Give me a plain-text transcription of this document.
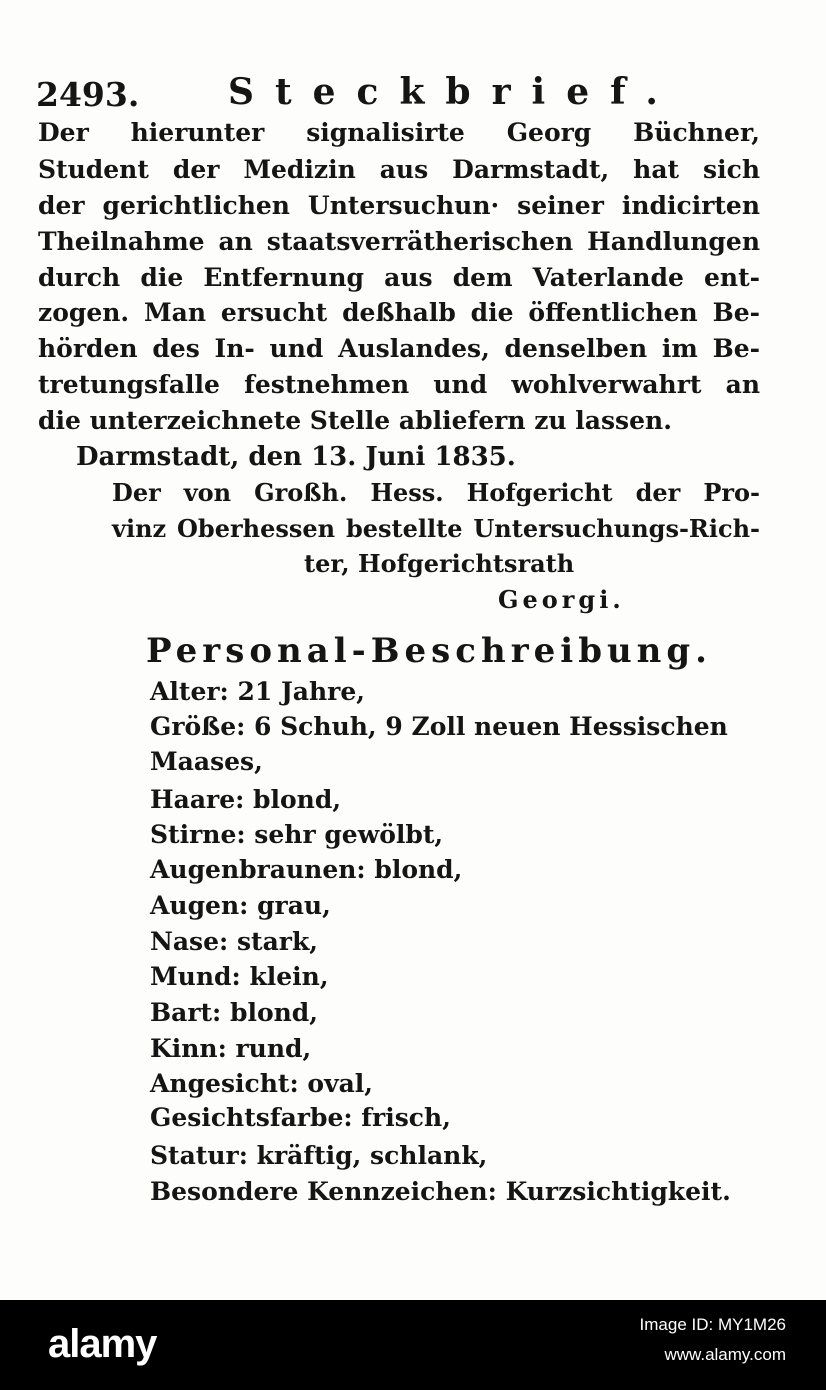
2493. Steckbrief.
Der hierunter signalisirte Georg Büchner,
Student der Medizin aus Darmstadt, hat sich
der gerichtlichen Untersuchun· seiner indicirten
Theilnahme an staatsverrätherischen Handlungen
durch die Entfernung aus dem Vaterlande ent-
zogen. Man ersucht deßhalb die öffentlichen Be-
hörden des In- und Auslandes, denselben im Be-
tretungsfalle festnehmen und wohlverwahrt an
die unterzeichnete Stelle abliefern zu lassen.
Darmstadt, den 13. Juni 1835.
Der von Großh. Hess. Hofgericht der Pro-
vinz Oberhessen bestellte Untersuchungs-Rich-
ter, Hofgerichtsrath
Georgi.
Personal-Beschreibung.
Alter: 21 Jahre,
Größe: 6 Schuh, 9 Zoll neuen Hessischen
Maases,
Haare: blond,
Stirne: sehr gewölbt,
Augenbraunen: blond,
Augen: grau,
Nase: stark,
Mund: klein,
Bart: blond,
Kinn: rund,
Angesicht: oval,
Gesichtsfarbe: frisch,
Statur: kräftig, schlank,
Besondere Kennzeichen: Kurzsichtigkeit.
alamy	Image ID: MY1M26
www.alamy.com
